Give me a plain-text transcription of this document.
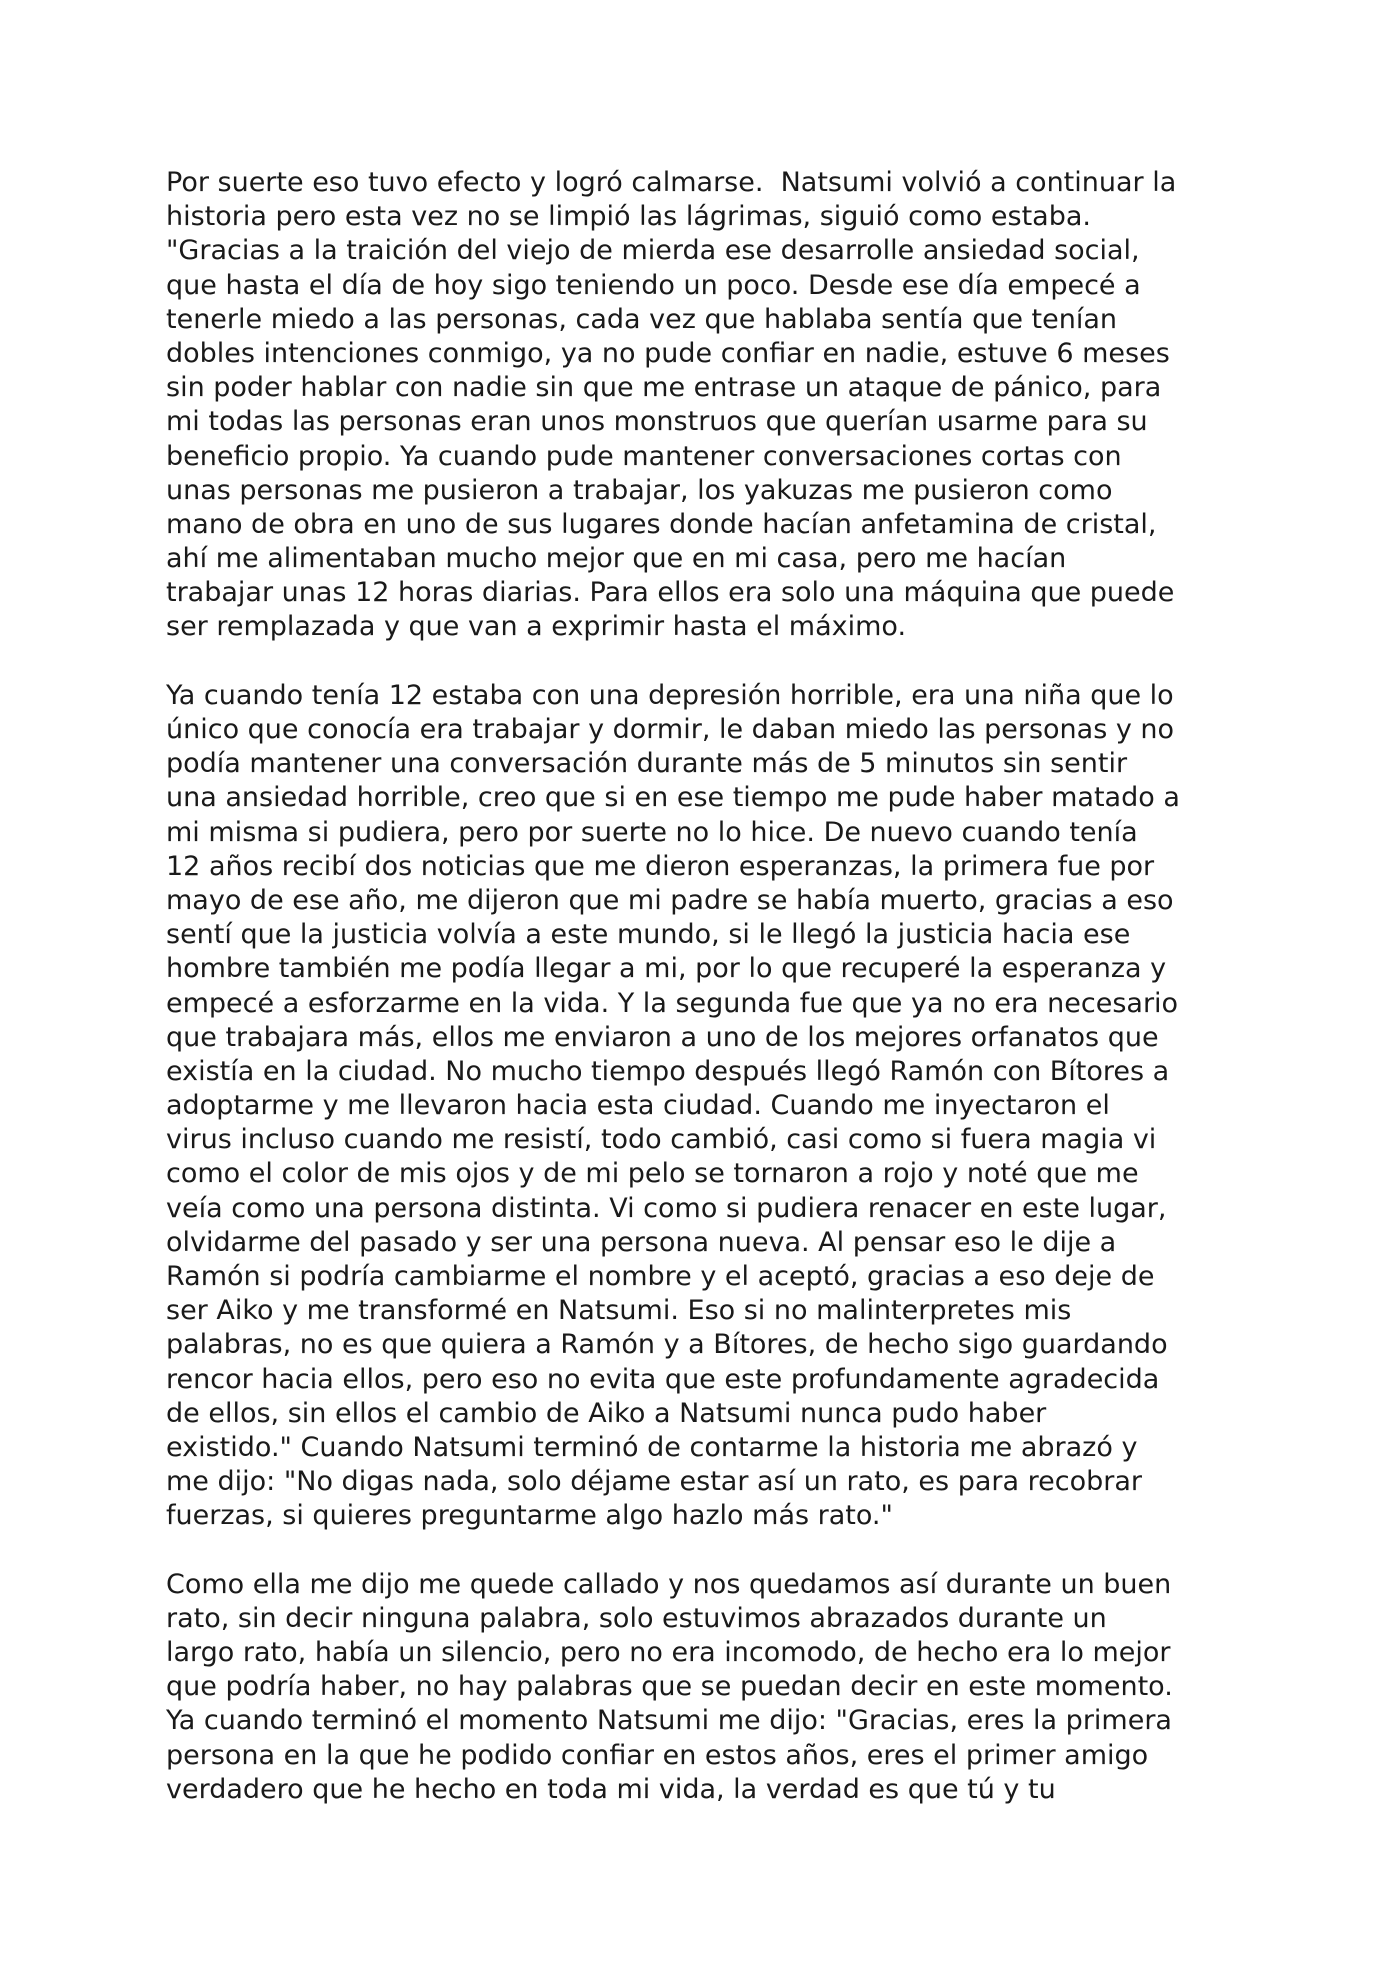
Por suerte eso tuvo efecto y logró calmarse.  Natsumi volvió a continuar la
historia pero esta vez no se limpió las lágrimas, siguió como estaba.
"Gracias a la traición del viejo de mierda ese desarrolle ansiedad social,
que hasta el día de hoy sigo teniendo un poco. Desde ese día empecé a
tenerle miedo a las personas, cada vez que hablaba sentía que tenían
dobles intenciones conmigo, ya no pude confiar en nadie, estuve 6 meses
sin poder hablar con nadie sin que me entrase un ataque de pánico, para
mi todas las personas eran unos monstruos que querían usarme para su
beneficio propio. Ya cuando pude mantener conversaciones cortas con
unas personas me pusieron a trabajar, los yakuzas me pusieron como
mano de obra en uno de sus lugares donde hacían anfetamina de cristal,
ahí me alimentaban mucho mejor que en mi casa, pero me hacían
trabajar unas 12 horas diarias. Para ellos era solo una máquina que puede
ser remplazada y que van a exprimir hasta el máximo.
Ya cuando tenía 12 estaba con una depresión horrible, era una niña que lo
único que conocía era trabajar y dormir, le daban miedo las personas y no
podía mantener una conversación durante más de 5 minutos sin sentir
una ansiedad horrible, creo que si en ese tiempo me pude haber matado a
mi misma si pudiera, pero por suerte no lo hice. De nuevo cuando tenía
12 años recibí dos noticias que me dieron esperanzas, la primera fue por
mayo de ese año, me dijeron que mi padre se había muerto, gracias a eso
sentí que la justicia volvía a este mundo, si le llegó la justicia hacia ese
hombre también me podía llegar a mi, por lo que recuperé la esperanza y
empecé a esforzarme en la vida. Y la segunda fue que ya no era necesario
que trabajara más, ellos me enviaron a uno de los mejores orfanatos que
existía en la ciudad. No mucho tiempo después llegó Ramón con Bítores a
adoptarme y me llevaron hacia esta ciudad. Cuando me inyectaron el
virus incluso cuando me resistí, todo cambió, casi como si fuera magia vi
como el color de mis ojos y de mi pelo se tornaron a rojo y noté que me
veía como una persona distinta. Vi como si pudiera renacer en este lugar,
olvidarme del pasado y ser una persona nueva. Al pensar eso le dije a
Ramón si podría cambiarme el nombre y el aceptó, gracias a eso deje de
ser Aiko y me transformé en Natsumi. Eso si no malinterpretes mis
palabras, no es que quiera a Ramón y a Bítores, de hecho sigo guardando
rencor hacia ellos, pero eso no evita que este profundamente agradecida
de ellos, sin ellos el cambio de Aiko a Natsumi nunca pudo haber
existido." Cuando Natsumi terminó de contarme la historia me abrazó y
me dijo: "No digas nada, solo déjame estar así un rato, es para recobrar
fuerzas, si quieres preguntarme algo hazlo más rato."
Como ella me dijo me quede callado y nos quedamos así durante un buen
rato, sin decir ninguna palabra, solo estuvimos abrazados durante un
largo rato, había un silencio, pero no era incomodo, de hecho era lo mejor
que podría haber, no hay palabras que se puedan decir en este momento.
Ya cuando terminó el momento Natsumi me dijo: "Gracias, eres la primera
persona en la que he podido confiar en estos años, eres el primer amigo
verdadero que he hecho en toda mi vida, la verdad es que tú y tu
